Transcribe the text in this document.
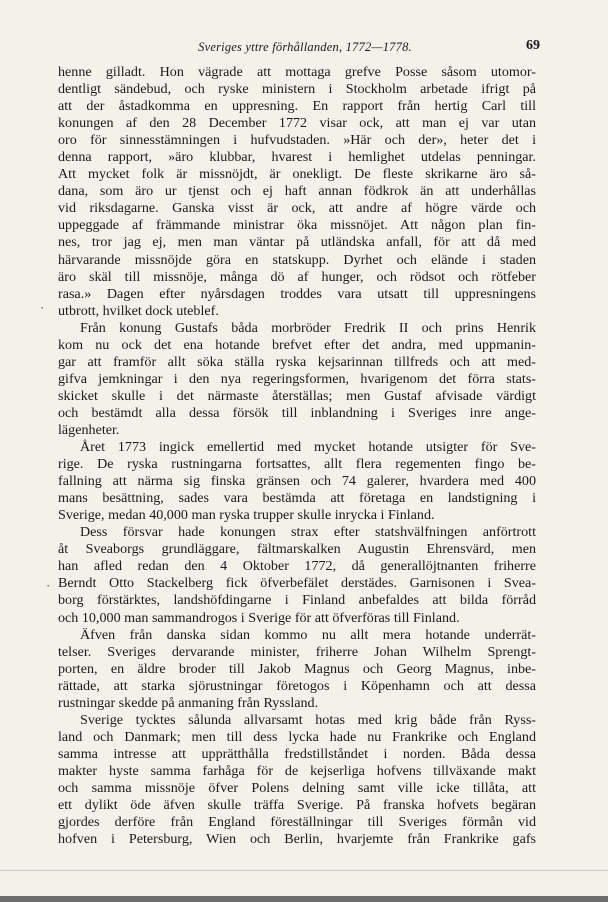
Sveriges yttre förhållanden, 1772—1778.	69
henne gilladt. Hon vägrade att mottaga grefve Posse såsom utomor-
dentligt sändebud, och ryske ministern i Stockholm arbetade ifrigt på
att der åstadkomma en uppresning. En rapport från hertig Carl till
konungen af den 28 December 1772 visar ock, att man ej var utan
oro för sinnesstämningen i hufvudstaden. »Här och der», heter det i
denna rapport, »äro klubbar, hvarest i hemlighet utdelas penningar.
Att mycket folk är missnöjdt, är onekligt. De fleste skrikarne äro så-
dana, som äro ur tjenst och ej haft annan födkrok än att underhållas
vid riksdagarne. Ganska visst är ock, att andre af högre värde och
uppeggade af främmande ministrar öka missnöjet. Att någon plan fin-
nes, tror jag ej, men man väntar på utländska anfall, för att då med
härvarande missnöjde göra en statskupp. Dyrhet och elände i staden
äro skäl till missnöje, många dö af hunger, och rödsot och rötfeber
rasa.» Dagen efter nyårsdagen troddes vara utsatt till uppresningens
utbrott, hvilket dock uteblef.
Från konung Gustafs båda morbröder Fredrik II och prins Henrik
kom nu ock det ena hotande brefvet efter det andra, med uppmanin-
gar att framför allt söka ställa ryska kejsarinnan tillfreds och att med-
gifva jemkningar i den nya regeringsformen, hvarigenom det förra stats-
skicket skulle i det närmaste återställas; men Gustaf afvisade värdigt
och bestämdt alla dessa försök till inblandning i Sveriges inre ange-
lägenheter.
Året 1773 ingick emellertid med mycket hotande utsigter för Sve-
rige. De ryska rustningarna fortsattes, allt flera regementen fingo be-
fallning att närma sig finska gränsen och 74 galerer, hvardera med 400
mans besättning, sades vara bestämda att företaga en landstigning i
Sverige, medan 40,000 man ryska trupper skulle inrycka i Finland.
Dess försvar hade konungen strax efter statshvälfningen anförtrott
åt Sveaborgs grundläggare, fältmarskalken Augustin Ehrensvärd, men
han afled redan den 4 Oktober 1772, då generallöjtnanten friherre
Berndt Otto Stackelberg fick öfverbefälet derstädes. Garnisonen i Svea-
borg förstärktes, landshöfdingarne i Finland anbefaldes att bilda förråd
och 10,000 man sammandrogos i Sverige för att öfverföras till Finland.
Äfven från danska sidan kommo nu allt mera hotande underrät-
telser. Sveriges dervarande minister, friherre Johan Wilhelm Sprengt-
porten, en äldre broder till Jakob Magnus och Georg Magnus, inbe-
rättade, att starka sjörustningar företogos i Köpenhamn och att dessa
rustningar skedde på anmaning från Ryssland.
Sverige tycktes sålunda allvarsamt hotas med krig både från Ryss-
land och Danmark; men till dess lycka hade nu Frankrike och England
samma intresse att upprätthålla fredstillståndet i norden. Båda dessa
makter hyste samma farhåga för de kejserliga hofvens tillväxande makt
och samma missnöje öfver Polens delning samt ville icke tillåta, att
ett dylikt öde äfven skulle träffa Sverige. På franska hofvets begäran
gjordes derföre från England föreställningar till Sveriges förmån vid
hofven i Petersburg, Wien och Berlin, hvarjemte från Frankrike gafs
·
·
